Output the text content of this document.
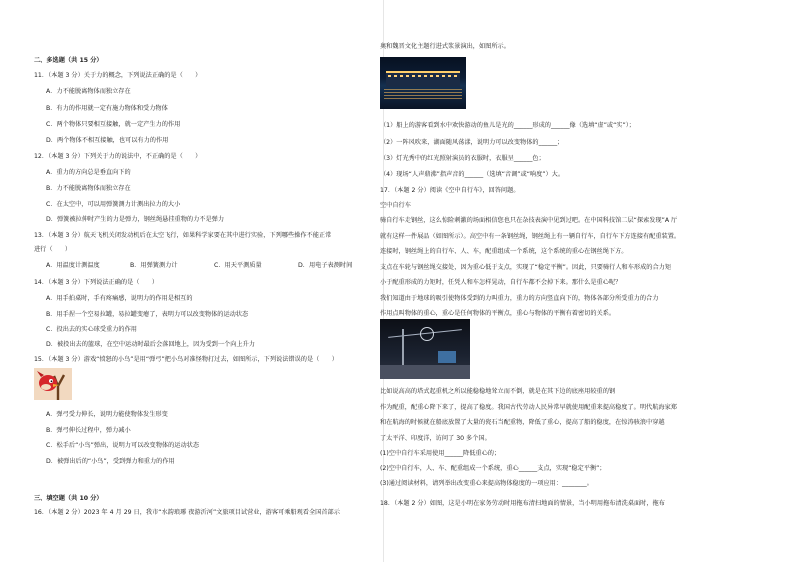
二、多选题（共 15 分）
11．（本题 3 分）关于力的概念，下列说法正确的是（　　）
A．力不能脱离物体而独立存在
B．有力的作用就一定有施力物体和受力物体
C．两个物体只要相互接触，就一定产生力的作用
D．两个物体不相互接触，也可以有力的作用
12．（本题 3 分）下列关于力的说法中，不正确的是（　　）
A．重力的方向总是垂直向下的
B．力不能脱离物体而独立存在
C．在太空中，可以用弹簧测力计测出拉力的大小
D．弹簧被拉伸时产生的力是弹力，钢丝绳悬挂重物的力不是弹力
13．（本题 3 分）航天飞机关闭发动机后在太空飞行，如果科学家要在其中进行实验，下列哪些操作不能正常
进行（　　）
A．用温度计测温度	B．用弹簧测力计	C．用天平测质量	D．用电子表测时间
14．（本题 3 分）下列说法正确的是（　　）
A．用手拍桌时，手有疼痛感，说明力的作用是相互的
B．用手捏一个空易拉罐，易拉罐变瘪了，表明力可以改变物体的运动状态
C．投出去的实心球受重力的作用
D．被投出去的篮球，在空中运动时最后会落回地上，因为受到一个向上升力
15．（本题 3 分）游戏“愤怒的小鸟”是用“弹弓”把小鸟对准怪物打过去，如图所示，下列说法错误的是（　　）
A．弹弓受力伸长，说明力能使物体发生形变
B．弹弓伸长过程中，弹力减小
C．松手后“小鸟”弹出，说明力可以改变物体的运动状态
D．被弹出后的“小鸟”，受到弹力和重力的作用
三、填空题（共 10 分）
16．（本题 2 分）2023 年 4 月 29 日，我市“水韵琅琊 夜游沂河”文旅项目试营业，游客可乘船观看全国首部示
奥和魏晋文化主题行进式浆景演出，如图所示。
（1）船上的游客看到水中欢快游动的鱼儿是光的______形成的______像（选填“虚”或“实”）；
（2）一阵风吹来，湖面随风荡漾，说明力可以改变物体的______；
（3）灯光秀中的红光照射演员的衣服时，衣服呈______色；
（4）现场“人声鼎沸”指声音的______（选填“音调”或“响度”）大。
17．（本题 2 分）阅读《空中自行车》，回答问题。
空中自行车
骑自行车走钢丝，这么惊险刺激的场面相信您也只在杂技表演中见到过吧。在中国科技馆二层“探索发现”A 厅
就有这样一件展品（如图所示）。高空中有一条钢丝绳，钢丝绳上有一辆自行车，自行车下方连接有配重装置。
连接时，钢丝绳上的自行车、人、车，配重组成一个系统，这个系统的重心在钢丝绳下方。
支点在车轮与钢丝绳交接处，因为重心低于支点，实现了“稳定平衡”。因此，只要骑行人和车形成的合力矩
小于配重形成的力矩时，任凭人和车怎样晃动，自行车都不会掉下来。那什么是重心呢？
我们知道由于地球的吸引使物体受到的力叫重力，重力的方向竖直向下的，物体各部分所受重力的合力
作用点叫物体的重心，重心是任何物体的平衡点，重心与物体的平衡有着密切的关系。
比如说高高的塔式起重机之所以能稳稳地耸立而不倒，就是在其下边的底座用较重的钢
作为配重，配重心降下来了，提高了稳度。我国古代劳动人民异常早就使用配重来提高稳度了。明代航海家郑
和在航海的时候就在船底放置了大量的瓷石当配重物，降低了重心，提高了船的稳度，在惊涛骇浪中穿越
了太平洋、印度洋，访问了 30 多个国。
(1)空中自行车采用使用______降低重心的；
(2)空中自行车，人、车、配重组成一个系统，重心______支点，实现“稳定平衡”；
(3)通过阅读材料，请列举出改变重心来提高物体稳度的一项应用：________。
18．（本题 2 分）如图，这是小明在家务劳动时用拖布清扫地面的情景，当小明用拖布清洗桌面时，拖布
